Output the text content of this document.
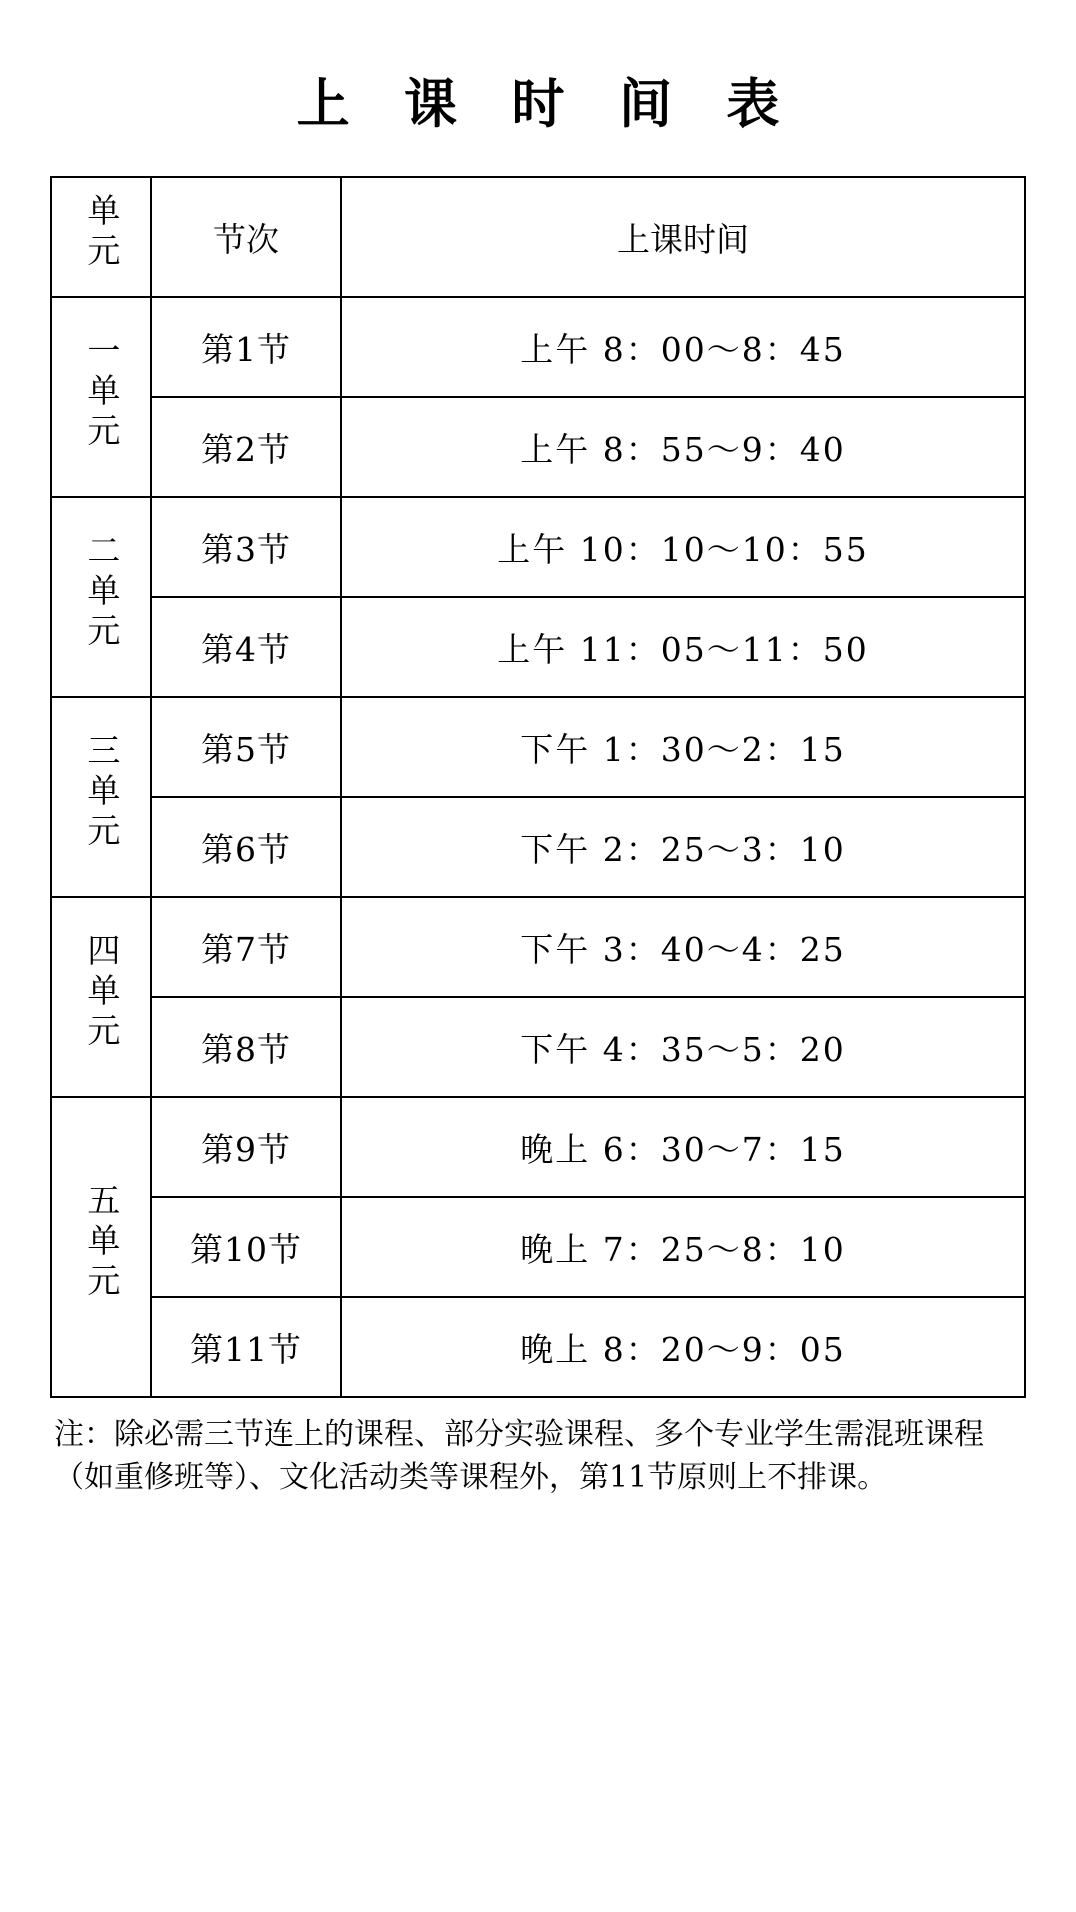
上 课 时 间 表
单元	节次	上课时间
一单元	第1节	上午 8：00～8：45
	第2节	上午 8：55～9：40
二单元	第3节	上午 10：10～10：55
	第4节	上午 11：05～11：50
三单元	第5节	下午 1：30～2：15
	第6节	下午 2：25～3：10
四单元	第7节	下午 3：40～4：25
	第8节	下午 4：35～5：20
五单元	第9节	晚上 6：30～7：15
	第10节	晚上 7：25～8：10
	第11节	晚上 8：20～9：05
注：除必需三节连上的课程、部分实验课程、多个专业学生需混班课程（如重修班等）、文化活动类等课程外，第11节原则上不排课。
